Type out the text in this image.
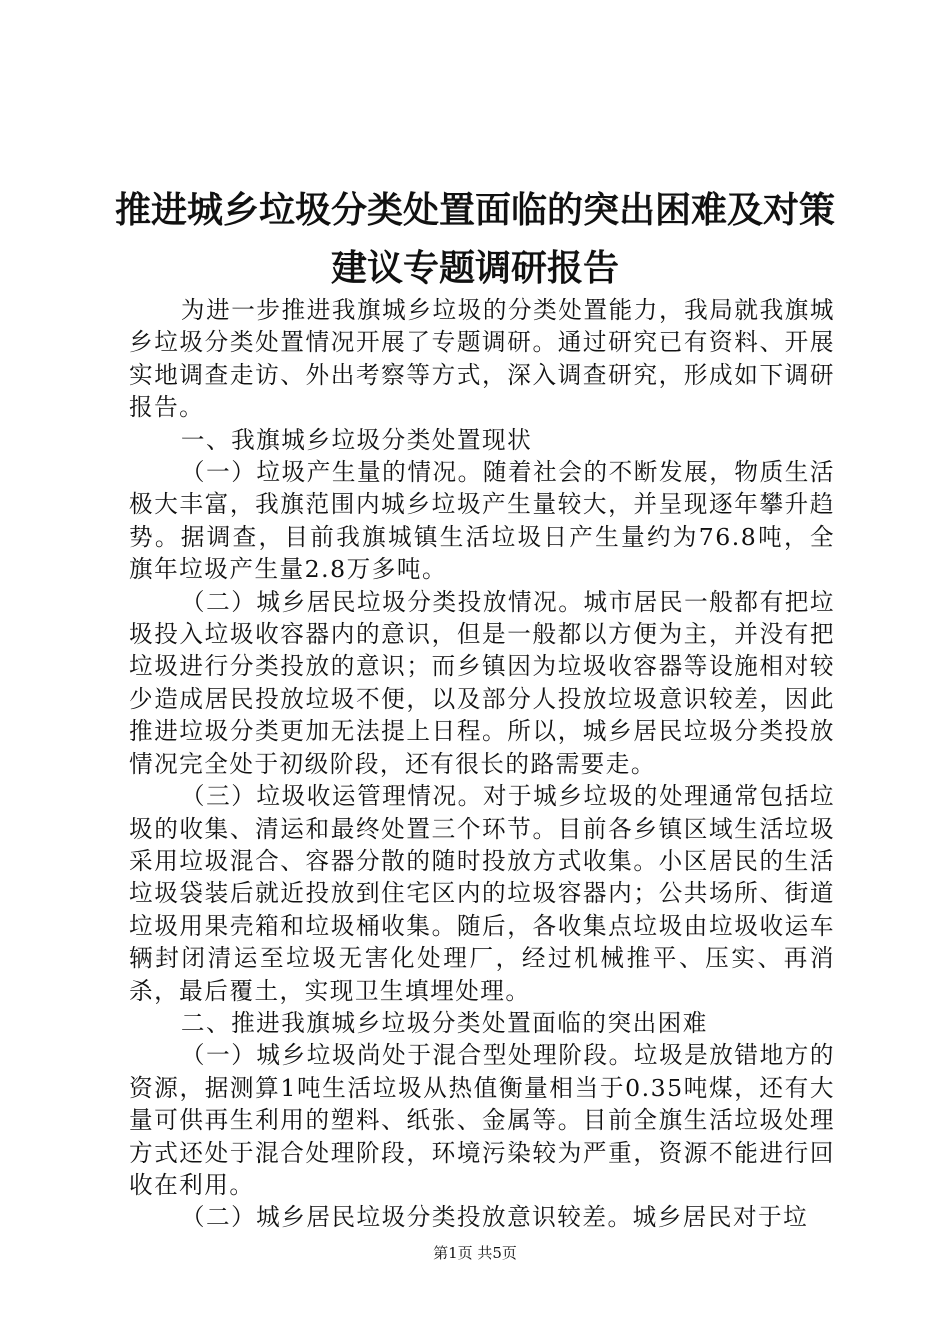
推进城乡垃圾分类处置面临的突出困难及对策
建议专题调研报告

为进一步推进我旗城乡垃圾的分类处置能力，我局就我旗城乡垃圾分类处置情况开展了专题调研。通过研究已有资料、开展实地调查走访、外出考察等方式，深入调查研究，形成如下调研报告。

一、我旗城乡垃圾分类处置现状

（一）垃圾产生量的情况。随着社会的不断发展，物质生活极大丰富，我旗范围内城乡垃圾产生量较大，并呈现逐年攀升趋势。据调查，目前我旗城镇生活垃圾日产生量约为76.8吨，全旗年垃圾产生量2.8万多吨。

（二）城乡居民垃圾分类投放情况。城市居民一般都有把垃圾投入垃圾收容器内的意识，但是一般都以方便为主，并没有把垃圾进行分类投放的意识；而乡镇因为垃圾收容器等设施相对较少造成居民投放垃圾不便，以及部分人投放垃圾意识较差，因此推进垃圾分类更加无法提上日程。所以，城乡居民垃圾分类投放情况完全处于初级阶段，还有很长的路需要走。

（三）垃圾收运管理情况。对于城乡垃圾的处理通常包括垃圾的收集、清运和最终处置三个环节。目前各乡镇区域生活垃圾采用垃圾混合、容器分散的随时投放方式收集。小区居民的生活垃圾袋装后就近投放到住宅区内的垃圾容器内；公共场所、街道垃圾用果壳箱和垃圾桶收集。随后，各收集点垃圾由垃圾收运车辆封闭清运至垃圾无害化处理厂，经过机械推平、压实、再消杀，最后覆土，实现卫生填埋处理。

二、推进我旗城乡垃圾分类处置面临的突出困难

（一）城乡垃圾尚处于混合型处理阶段。垃圾是放错地方的资源，据测算1吨生活垃圾从热值衡量相当于0.35吨煤，还有大量可供再生利用的塑料、纸张、金属等。目前全旗生活垃圾处理方式还处于混合处理阶段，环境污染较为严重，资源不能进行回收在利用。

（二）城乡居民垃圾分类投放意识较差。城乡居民对于垃

第1页 共5页
